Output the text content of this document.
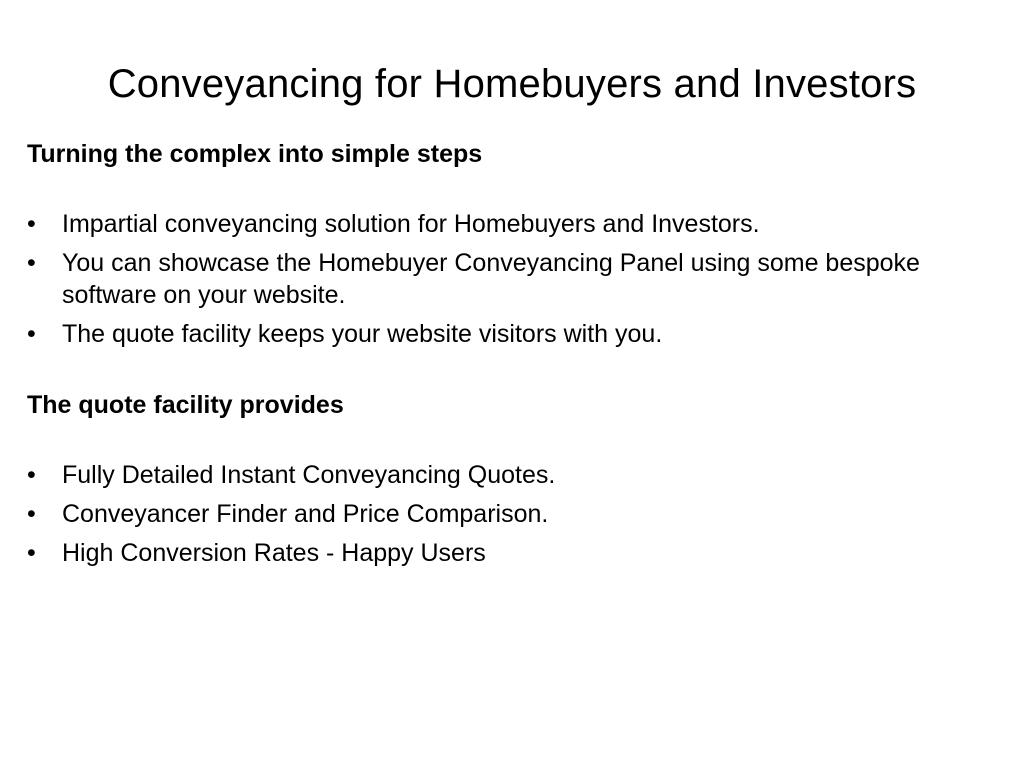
Conveyancing for Homebuyers and Investors

Turning the complex into simple steps

•	Impartial conveyancing solution for Homebuyers and Investors.
•	You can showcase the Homebuyer Conveyancing Panel using some bespoke software on your website.
•	The quote facility keeps your website visitors with you.

The quote facility provides

•	Fully Detailed Instant Conveyancing Quotes.
•	Conveyancer Finder and Price Comparison.
•	High Conversion Rates - Happy Users
